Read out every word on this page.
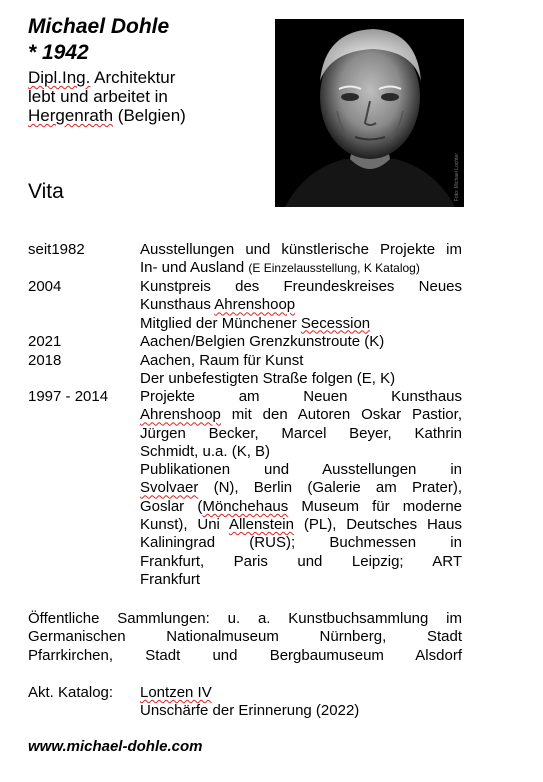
Michael Dohle
* 1942
Dipl.Ing. Architektur
lebt und arbeitet in
Hergenrath (Belgien)
Vita	Foto: Michael Lochter
seit1982	Ausstellungen und künstlerische Projekte im
In- und Ausland (E Einzelausstellung, K Katalog)
2004	Kunstpreis des Freundeskreises Neues
Kunsthaus Ahrenshoop
Mitglied der Münchener Secession
2021	Aachen/Belgien Grenzkunstroute (K)
2018	Aachen, Raum für Kunst
Der unbefestigten Straße folgen (E, K)
1997 - 2014	Projekte am Neuen Kunsthaus
Ahrenshoop mit den Autoren Oskar Pastior,
Jürgen Becker, Marcel Beyer, Kathrin
Schmidt, u.a. (K, B)
Publikationen und Ausstellungen in
Svolvaer (N), Berlin (Galerie am Prater),
Goslar (Mönchehaus Museum für moderne
Kunst), Uni Allenstein (PL), Deutsches Haus
Kaliningrad (RUS); Buchmessen in
Frankfurt, Paris und Leipzig; ART
Frankfurt
Öffentliche Sammlungen: u. a. Kunstbuchsammlung im
Germanischen Nationalmuseum Nürnberg, Stadt
Pfarrkirchen, Stadt und Bergbaumuseum Alsdorf
Akt. Katalog:	Lontzen IV
Unschärfe der Erinnerung (2022)
www.michael-dohle.com
